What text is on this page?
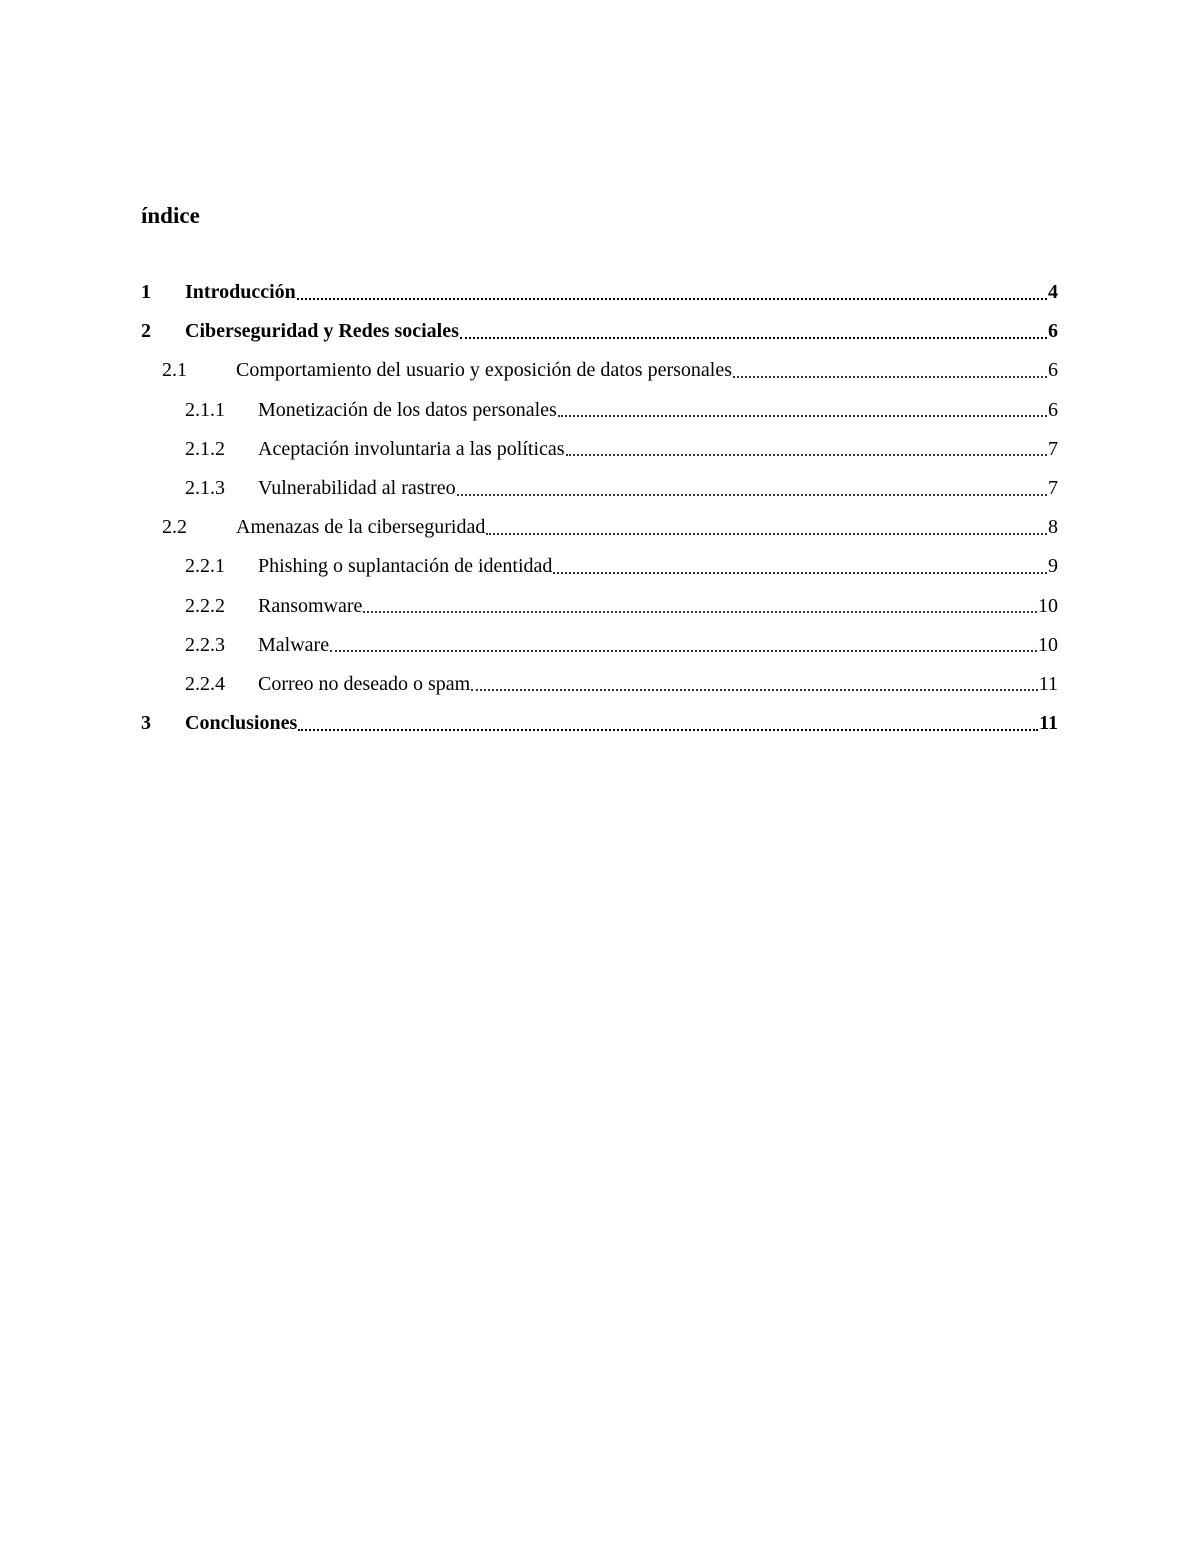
índice
1	Introducción	4
2	Ciberseguridad y Redes sociales	6
2.1	Comportamiento del usuario y exposición de datos personales	6
2.1.1	Monetización de los datos personales	6
2.1.2	Aceptación involuntaria a las políticas	7
2.1.3	Vulnerabilidad al rastreo	7
2.2	Amenazas de la ciberseguridad	8
2.2.1	Phishing o suplantación de identidad	9
2.2.2	Ransomware	10
2.2.3	Malware	10
2.2.4	Correo no deseado o spam	11
3	Conclusiones	11
